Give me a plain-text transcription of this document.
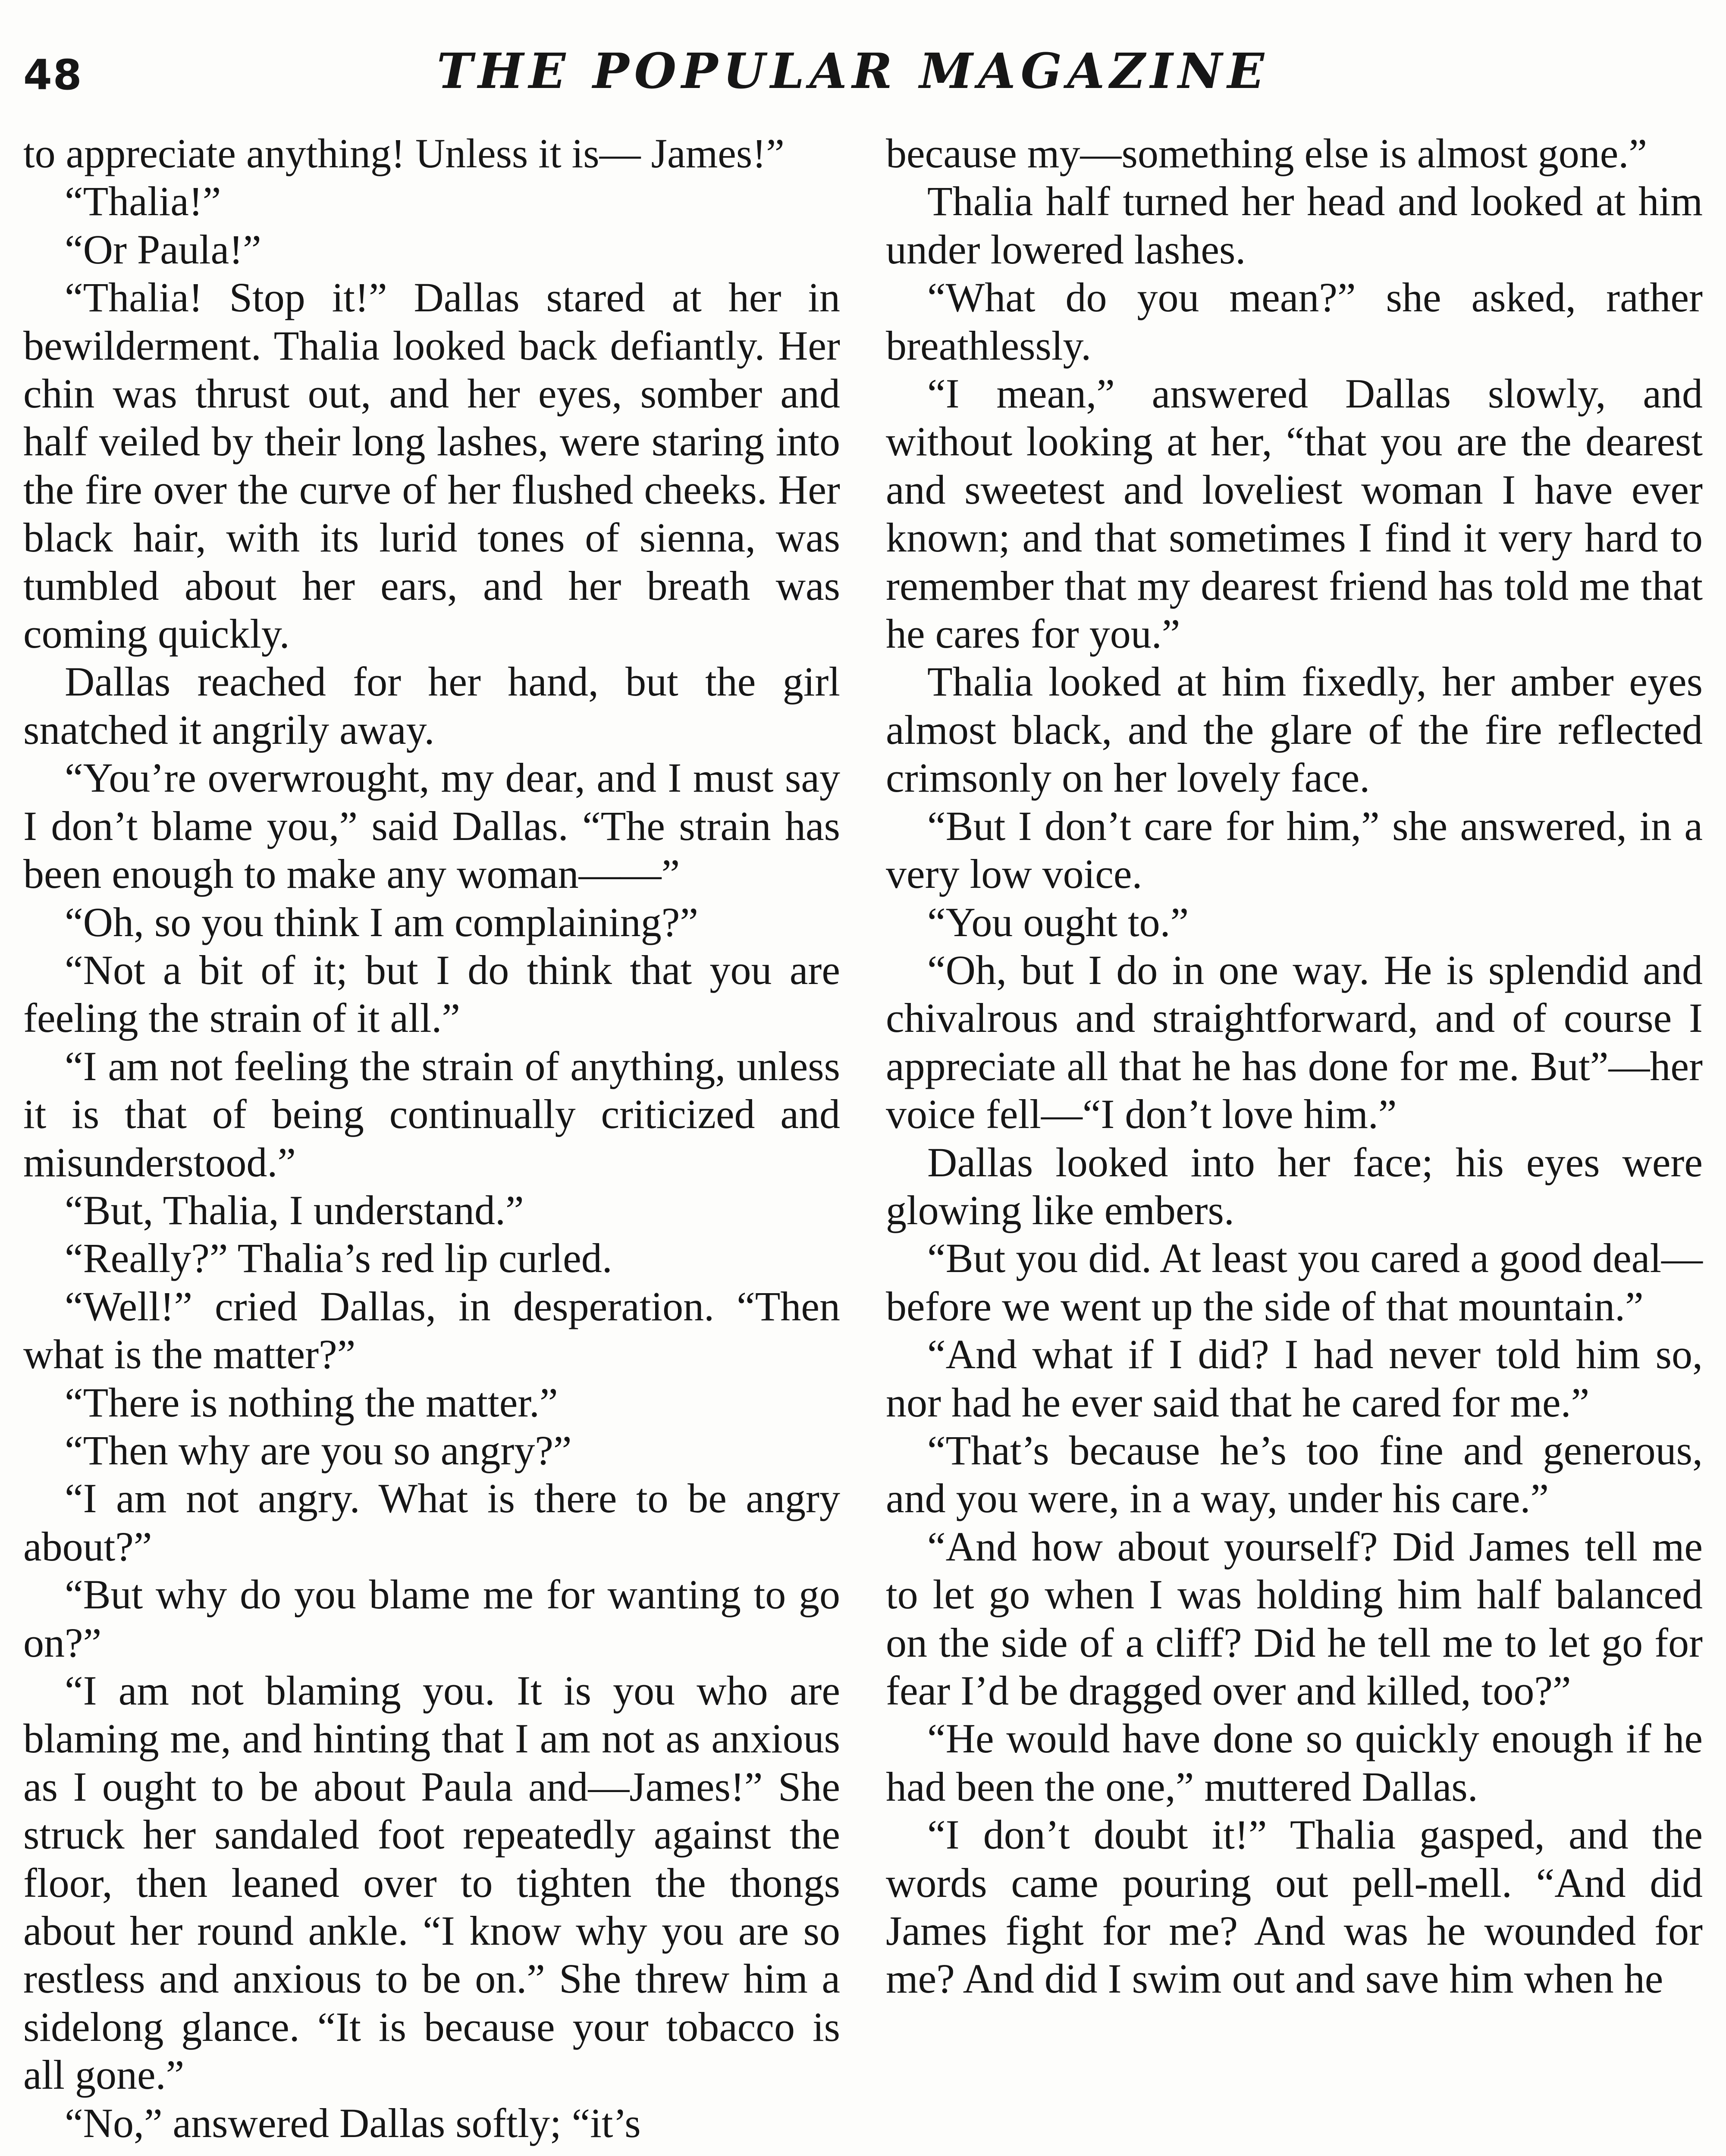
48	THE POPULAR MAGAZINE

to appreciate anything! Unless it is— James!”

“Thalia!”

“Or Paula!”

“Thalia! Stop it!” Dallas stared at her in bewilderment. Thalia looked back defiantly. Her chin was thrust out, and her eyes, somber and half veiled by their long lashes, were staring into the fire over the curve of her flushed cheeks. Her black hair, with its lurid tones of sienna, was tumbled about her ears, and her breath was coming quickly.

Dallas reached for her hand, but the girl snatched it angrily away.

“You’re overwrought, my dear, and I must say I don’t blame you,” said Dallas. “The strain has been enough to make any woman——”

“Oh, so you think I am complaining?”

“Not a bit of it; but I do think that you are feeling the strain of it all.”

“I am not feeling the strain of anything, unless it is that of being continually criticized and misunderstood.”

“But, Thalia, I understand.”

“Really?” Thalia’s red lip curled.

“Well!” cried Dallas, in desperation. “Then what is the matter?”

“There is nothing the matter.”

“Then why are you so angry?”

“I am not angry. What is there to be angry about?”

“But why do you blame me for wanting to go on?”

“I am not blaming you. It is you who are blaming me, and hinting that I am not as anxious as I ought to be about Paula and—James!” She struck her sandaled foot repeatedly against the floor, then leaned over to tighten the thongs about her round ankle. “I know why you are so restless and anxious to be on.” She threw him a sidelong glance. “It is because your tobacco is all gone.”

“No,” answered Dallas softly; “it’s

because my—something else is almost gone.”

Thalia half turned her head and looked at him under lowered lashes.

“What do you mean?” she asked, rather breathlessly.

“I mean,” answered Dallas slowly, and without looking at her, “that you are the dearest and sweetest and loveliest woman I have ever known; and that sometimes I find it very hard to remember that my dearest friend has told me that he cares for you.”

Thalia looked at him fixedly, her amber eyes almost black, and the glare of the fire reflected crimsonly on her lovely face.

“But I don’t care for him,” she answered, in a very low voice.

“You ought to.”

“Oh, but I do in one way. He is splendid and chivalrous and straightforward, and of course I appreciate all that he has done for me. But”—her voice fell—“I don’t love him.”

Dallas looked into her face; his eyes were glowing like embers.

“But you did. At least you cared a good deal—before we went up the side of that mountain.”

“And what if I did? I had never told him so, nor had he ever said that he cared for me.”

“That’s because he’s too fine and generous, and you were, in a way, under his care.”

“And how about yourself? Did James tell me to let go when I was holding him half balanced on the side of a cliff? Did he tell me to let go for fear I’d be dragged over and killed, too?”

“He would have done so quickly enough if he had been the one,” muttered Dallas.

“I don’t doubt it!” Thalia gasped, and the words came pouring out pell-mell. “And did James fight for me? And was he wounded for me? And did I swim out and save him when he
